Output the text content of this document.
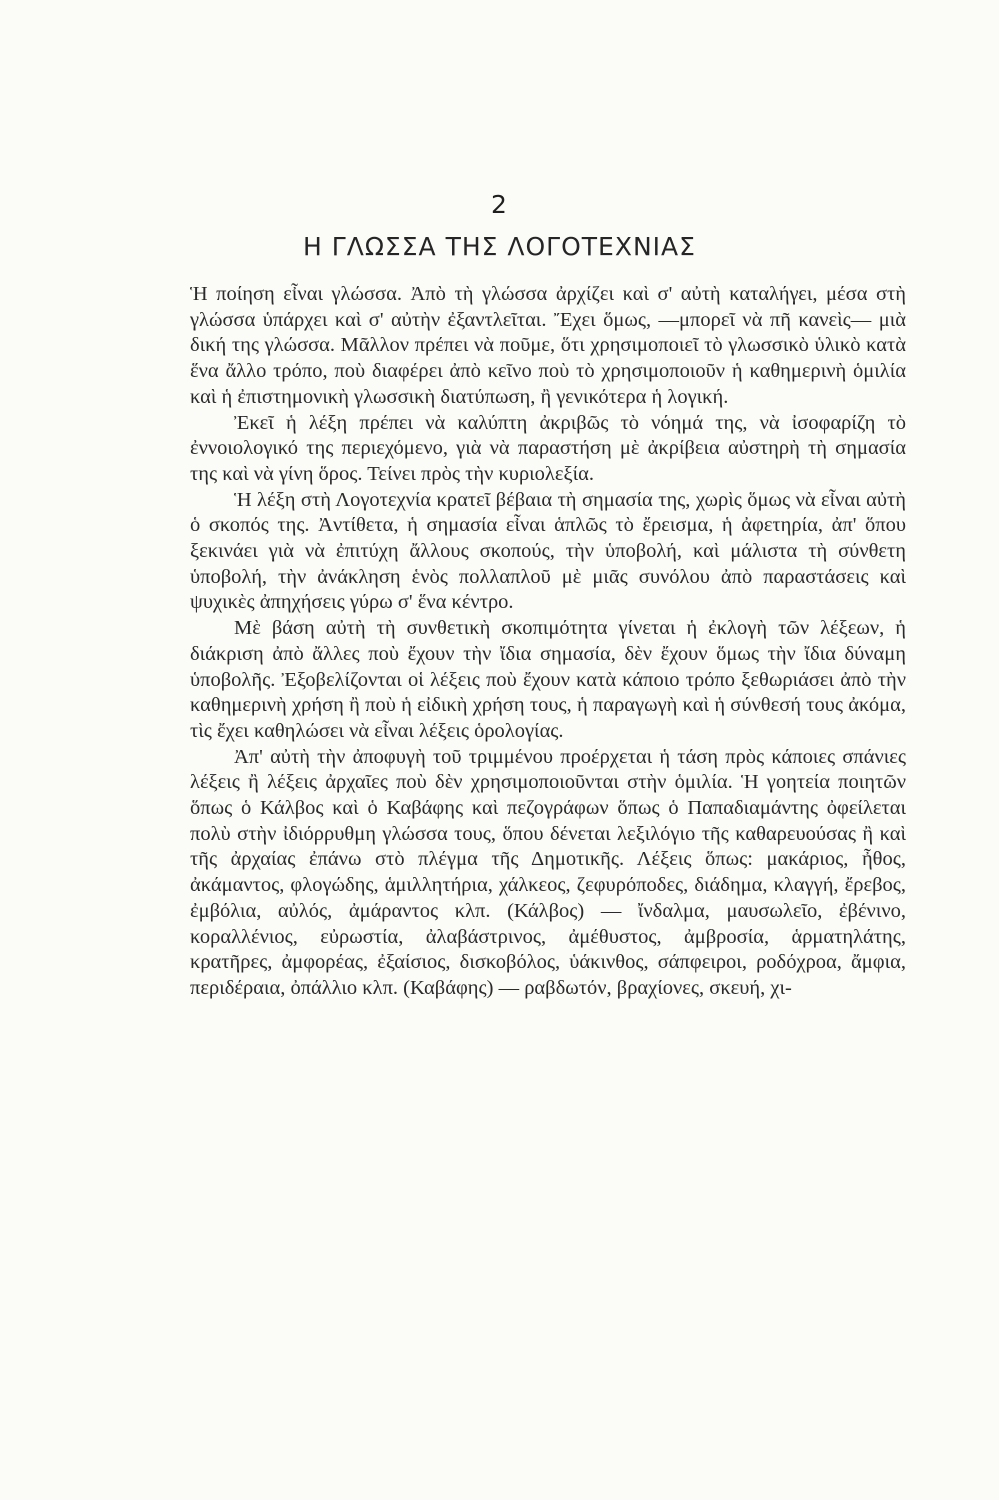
2
Η ΓΛΩΣΣΑ ΤΗΣ ΛΟΓΟΤΕΧΝΙΑΣ

Ἡ ποίηση εἶναι γλώσσα. Ἀπὸ τὴ γλώσσα ἀρχίζει καὶ σ' αὐτὴ καταλήγει, μέσα στὴ γλώσσα ὑπάρχει καὶ σ' αὐτὴν ἐξαντλεῖται. Ἔχει ὅμως, —μπορεῖ νὰ πῆ κανεὶς— μιὰ δική της γλώσσα. Μᾶλλον πρέπει νὰ ποῦμε, ὅτι χρησιμοποιεῖ τὸ γλωσσικὸ ὑλικὸ κατὰ ἕνα ἄλλο τρόπο, ποὺ διαφέρει ἀπὸ κεῖνο ποὺ τὸ χρησιμοποιοῦν ἡ καθημερινὴ ὁμιλία καὶ ἡ ἐπιστημονικὴ γλωσσικὴ διατύπωση, ἢ γενικότερα ἡ λογική.

Ἐκεῖ ἡ λέξη πρέπει νὰ καλύπτη ἀκριβῶς τὸ νόημά της, νὰ ἰσοφαρίζη τὸ ἐννοιολογικό της περιεχόμενο, γιὰ νὰ παραστήση μὲ ἀκρίβεια αὐστηρὴ τὴ σημασία της καὶ νὰ γίνη ὅρος. Τείνει πρὸς τὴν κυριολεξία.

Ἡ λέξη στὴ Λογοτεχνία κρατεῖ βέβαια τὴ σημασία της, χωρὶς ὅμως νὰ εἶναι αὐτὴ ὁ σκοπός της. Ἀντίθετα, ἡ σημασία εἶναι ἁπλῶς τὸ ἔρεισμα, ἡ ἀφετηρία, ἀπ' ὅπου ξεκινάει γιὰ νὰ ἐπιτύχη ἄλλους σκοπούς, τὴν ὑποβολή, καὶ μάλιστα τὴ σύνθετη ὑποβολή, τὴν ἀνάκληση ἑνὸς πολλαπλοῦ μὲ μιᾶς συνόλου ἀπὸ παραστάσεις καὶ ψυχικὲς ἀπηχήσεις γύρω σ' ἕνα κέντρο.

Μὲ βάση αὐτὴ τὴ συνθετικὴ σκοπιμότητα γίνεται ἡ ἐκλογὴ τῶν λέξεων, ἡ διάκριση ἀπὸ ἄλλες ποὺ ἔχουν τὴν ἴδια σημασία, δὲν ἔχουν ὅμως τὴν ἴδια δύναμη ὑποβολῆς. Ἐξοβελίζονται οἱ λέξεις ποὺ ἔχουν κατὰ κάποιο τρόπο ξεθωριάσει ἀπὸ τὴν καθημερινὴ χρήση ἢ ποὺ ἡ εἰδικὴ χρήση τους, ἡ παραγωγὴ καὶ ἡ σύνθεσή τους ἀκόμα, τὶς ἔχει καθηλώσει νὰ εἶναι λέξεις ὁρολογίας.

Ἀπ' αὐτὴ τὴν ἀποφυγὴ τοῦ τριμμένου προέρχεται ἡ τάση πρὸς κάποιες σπάνιες λέξεις ἢ λέξεις ἀρχαῖες ποὺ δὲν χρησιμοποιοῦνται στὴν ὁμιλία. Ἡ γοητεία ποιητῶν ὅπως ὁ Κάλβος καὶ ὁ Καβάφης καὶ πεζογράφων ὅπως ὁ Παπαδιαμάντης ὀφείλεται πολὺ στὴν ἰδιόρρυθμη γλώσσα τους, ὅπου δένεται λεξιλόγιο τῆς καθαρευούσας ἢ καὶ τῆς ἀρχαίας ἐπάνω στὸ πλέγμα τῆς Δημοτικῆς. Λέξεις ὅπως: μακάριος, ἦθος, ἀκάμαντος, φλογώδης, ἁμιλλητήρια, χάλκεος, ζεφυρόποδες, διάδημα, κλαγγή, ἔρεβος, ἐμβόλια, αὐλός, ἀμάραντος κλπ. (Κάλβος) — ἴνδαλμα, μαυσωλεῖο, ἐβένινο, κοραλλένιος, εὐρωστία, ἀλαβάστρινος, ἀμέθυστος, ἀμβροσία, ἁρματηλάτης, κρατῆρες, ἀμφορέας, ἐξαίσιος, δισκοβόλος, ὑάκινθος, σάπφειροι, ροδόχροα, ἄμφια, περιδέραια, ὀπάλλιο κλπ. (Καβάφης) — ραβδωτόν, βραχίονες, σκευή, χι-
